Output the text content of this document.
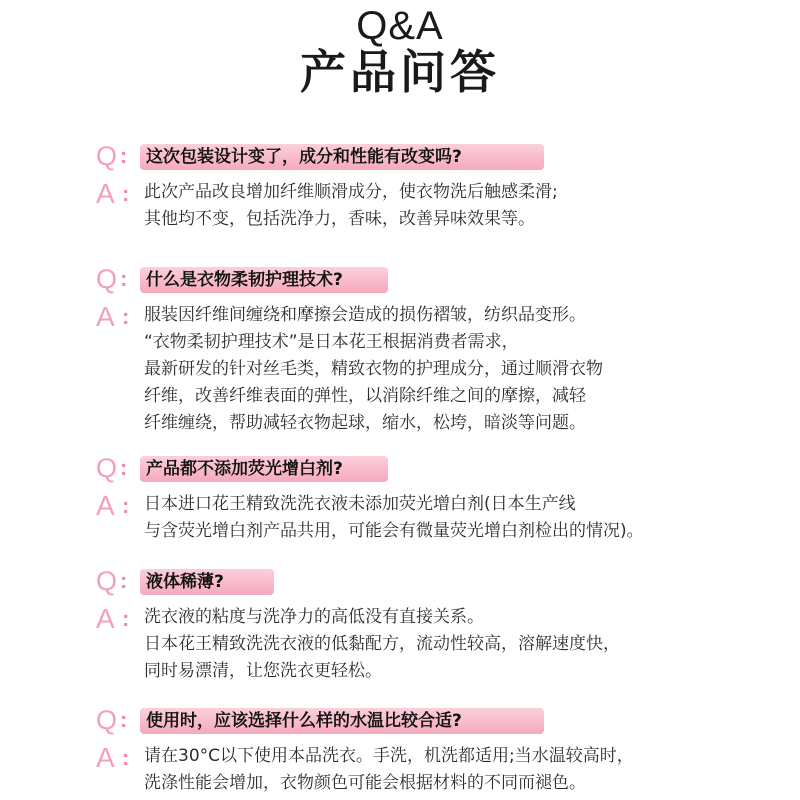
Q&A
产品问答
Q :	这次包装设计变了，成分和性能有改变吗?
A : 此次产品改良增加纤维顺滑成分，使衣物洗后触感柔滑;
其他均不变，包括洗净力，香味，改善异味效果等。
Q :	什么是衣物柔韧护理技术?
A : 服装因纤维间缠绕和摩擦会造成的损伤褶皱，纺织品变形。
“衣物柔韧护理技术”是日本花王根据消费者需求，
最新研发的针对丝毛类，精致衣物的护理成分，通过顺滑衣物
纤维，改善纤维表面的弹性，以消除纤维之间的摩擦，减轻
纤维缠绕，帮助减轻衣物起球，缩水，松垮，暗淡等问题。
Q :	产品都不添加荧光增白剂?
A : 日本进口花王精致洗洗衣液未添加荧光增白剂(日本生产线
与含荧光增白剂产品共用，可能会有微量荧光增白剂检出的情况)。
Q :	液体稀薄?
A : 洗衣液的粘度与洗净力的高低没有直接关系。
日本花王精致洗洗衣液的低黏配方，流动性较高，溶解速度快，
同时易漂清，让您洗衣更轻松。
Q :	使用时，应该选择什么样的水温比较合适?
A : 请在30°C以下使用本品洗衣。手洗，机洗都适用;当水温较高时，
洗涤性能会增加，衣物颜色可能会根据材料的不同而褪色。
